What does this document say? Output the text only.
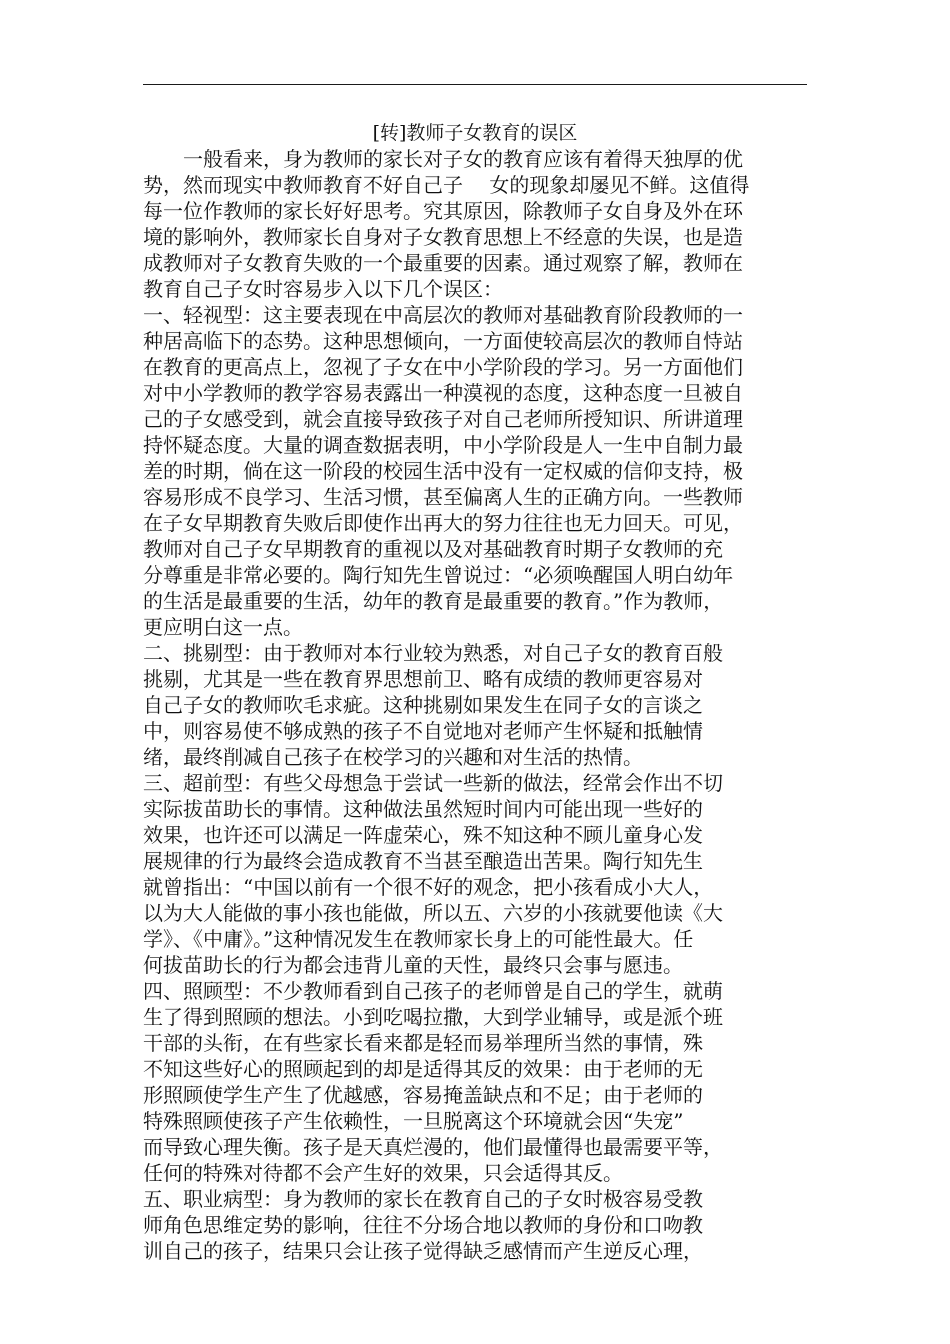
[转]教师子女教育的误区

一般看来，身为教师的家长对子女的教育应该有着得天独厚的优

势，然而现实中教师教育不好自己子　 女的现象却屡见不鲜。这值得

每一位作教师的家长好好思考。究其原因，除教师子女自身及外在环

境的影响外，教师家长自身对子女教育思想上不经意的失误，也是造

成教师对子女教育失败的一个最重要的因素。通过观察了解，教师在

教育自己子女时容易步入以下几个误区：

一、轻视型：这主要表现在中高层次的教师对基础教育阶段教师的一

种居高临下的态势。这种思想倾向，一方面使较高层次的教师自恃站

在教育的更高点上，忽视了子女在中小学阶段的学习。另一方面他们

对中小学教师的教学容易表露出一种漠视的态度，这种态度一旦被自

己的子女感受到，就会直接导致孩子对自己老师所授知识、所讲道理

持怀疑态度。大量的调查数据表明，中小学阶段是人一生中自制力最

差的时期，倘在这一阶段的校园生活中没有一定权威的信仰支持，极

容易形成不良学习、生活习惯，甚至偏离人生的正确方向。一些教师

在子女早期教育失败后即使作出再大的努力往往也无力回天。可见，

教师对自己子女早期教育的重视以及对基础教育时期子女教师的充

分尊重是非常必要的。陶行知先生曾说过：“必须唤醒国人明白幼年

的生活是最重要的生活，幼年的教育是最重要的教育。”作为教师，

更应明白这一点。

二、挑剔型：由于教师对本行业较为熟悉，对自己子女的教育百般

挑剔，尤其是一些在教育界思想前卫、略有成绩的教师更容易对

自己子女的教师吹毛求疵。这种挑剔如果发生在同子女的言谈之

中，则容易使不够成熟的孩子不自觉地对老师产生怀疑和抵触情

绪，最终削减自己孩子在校学习的兴趣和对生活的热情。

三、超前型：有些父母想急于尝试一些新的做法，经常会作出不切

实际拔苗助长的事情。这种做法虽然短时间内可能出现一些好的

效果，也许还可以满足一阵虚荣心，殊不知这种不顾儿童身心发

展规律的行为最终会造成教育不当甚至酿造出苦果。陶行知先生

就曾指出：“中国以前有一个很不好的观念，把小孩看成小大人，

以为大人能做的事小孩也能做，所以五、六岁的小孩就要他读《大

学》、《中庸》。”这种情况发生在教师家长身上的可能性最大。任

何拔苗助长的行为都会违背儿童的天性，最终只会事与愿违。

四、照顾型：不少教师看到自己孩子的老师曾是自己的学生，就萌

生了得到照顾的想法。小到吃喝拉撒，大到学业辅导，或是派个班

干部的头衔，在有些家长看来都是轻而易举理所当然的事情，殊

不知这些好心的照顾起到的却是适得其反的效果：由于老师的无

形照顾使学生产生了优越感，容易掩盖缺点和不足；由于老师的

特殊照顾使孩子产生依赖性，一旦脱离这个环境就会因“失宠”

而导致心理失衡。孩子是天真烂漫的，他们最懂得也最需要平等，

任何的特殊对待都不会产生好的效果，只会适得其反。

五、职业病型：身为教师的家长在教育自己的子女时极容易受教

师角色思维定势的影响，往往不分场合地以教师的身份和口吻教

训自己的孩子，结果只会让孩子觉得缺乏感情而产生逆反心理，
